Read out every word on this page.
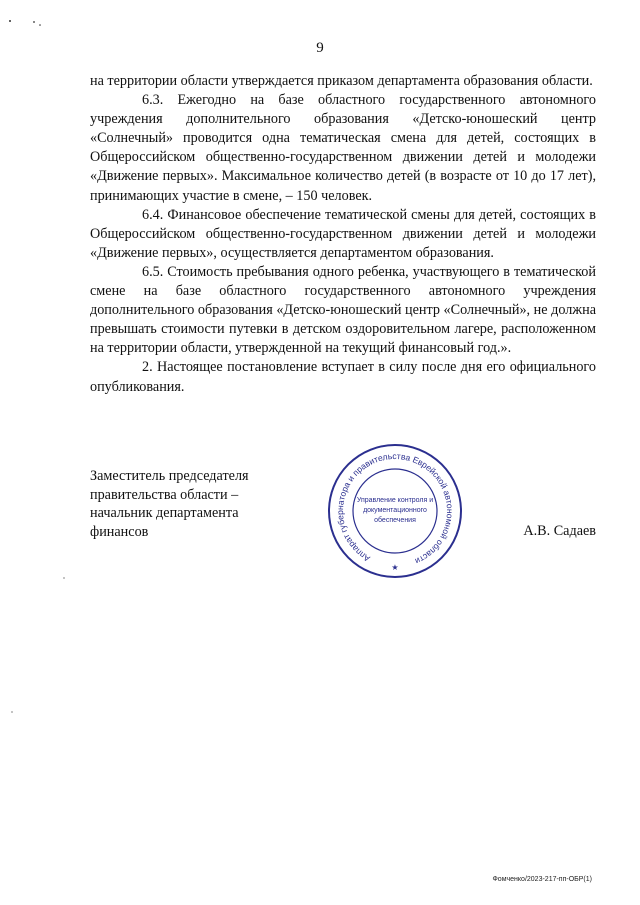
9

на территории области утверждается приказом департамента образования области.

6.3. Ежегодно на базе областного государственного автономного учреждения дополнительного образования «Детско-юношеский центр «Солнечный» проводится одна тематическая смена для детей, состоящих в Общероссийском общественно-государственном движении детей и молодежи «Движение первых». Максимальное количество детей (в возрасте от 10 до 17 лет), принимающих участие в смене, – 150 человек.

6.4. Финансовое обеспечение тематической смены для детей, состоящих в Общероссийском общественно-государственном движении детей и молодежи «Движение первых», осуществляется департаментом образования.

6.5. Стоимость пребывания одного ребенка, участвующего в тематической смене на базе областного государственного автономного учреждения дополнительного образования «Детско-юношеский центр «Солнечный», не должна превышать стоимости путевки в детском оздоровительном лагере, расположенном на территории области, утвержденной на текущий финансовый год.».

2. Настоящее постановление вступает в силу после дня его официального опубликования.

Заместитель председателя
правительства области –
начальник департамента
финансов
Аппарат губернатора и правительства Еврейской автономной области
★
Управление контроля и
документационного
обеспечения
А.В. Садаев
Фомченко/2023-217-пп-ОБР(1)
